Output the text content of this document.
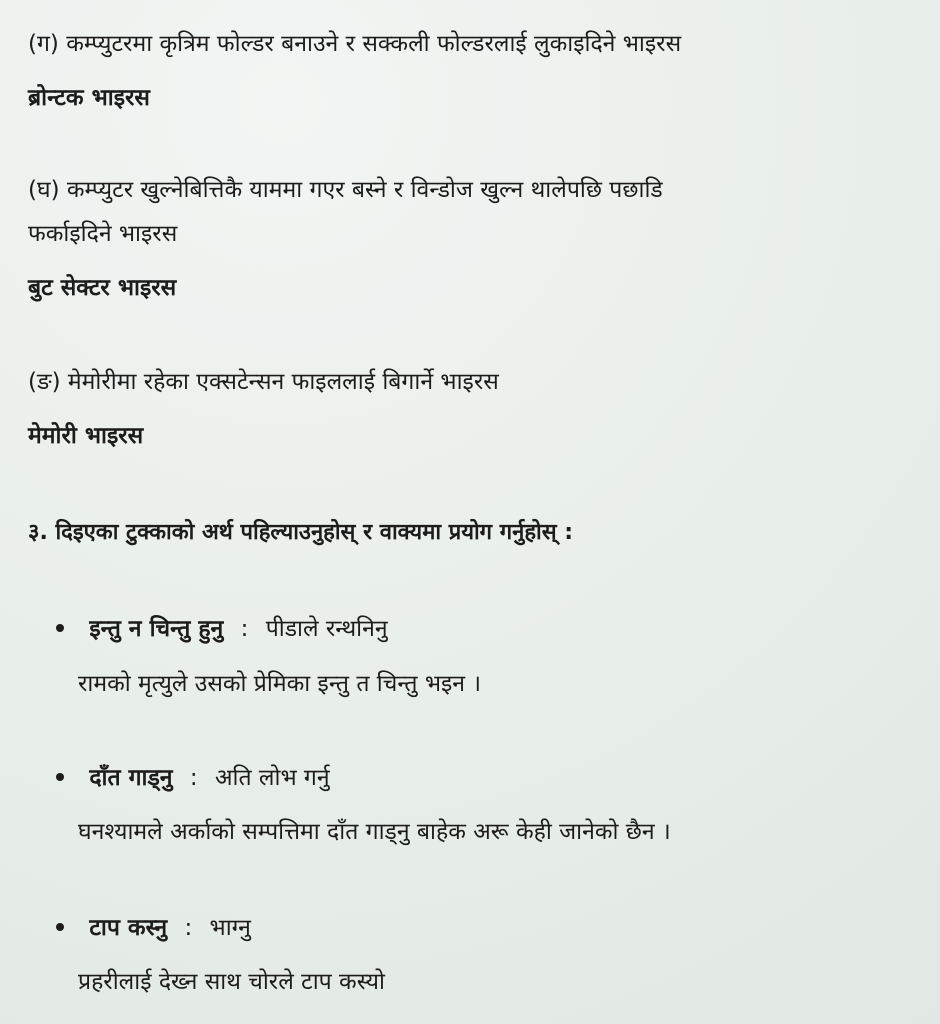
(ग) कम्प्युटरमा कृत्रिम फोल्डर बनाउने र सक्कली फोल्डरलाई लुकाइदिने भाइरस
ब्रोन्टक भाइरस
(घ) कम्प्युटर खुल्नेबित्तिकै याममा गएर बस्ने र विन्डोज खुल्न थालेपछि पछाडि
फर्काइदिने भाइरस
बुट सेक्टर भाइरस
(ङ) मेमोरीमा रहेका एक्सटेन्सन फाइललाई बिगार्ने भाइरस
मेमोरी भाइरस
३. दिइएका टुक्काको अर्थ पहिल्याउनुहोस् र वाक्यमा प्रयोग गर्नुहोस् :
इन्तु न चिन्तु हुनु : पीडाले रन्थनिनु
रामको मृत्युले उसको प्रेमिका इन्तु त चिन्तु भइन ।
दाँत गाड्नु : अति लोभ गर्नु
घनश्यामले अर्काको सम्पत्तिमा दाँत गाड्नु बाहेक अरू केही जानेको छैन ।
टाप कस्नु : भाग्नु
प्रहरीलाई देख्न साथ चोरले टाप कस्यो
